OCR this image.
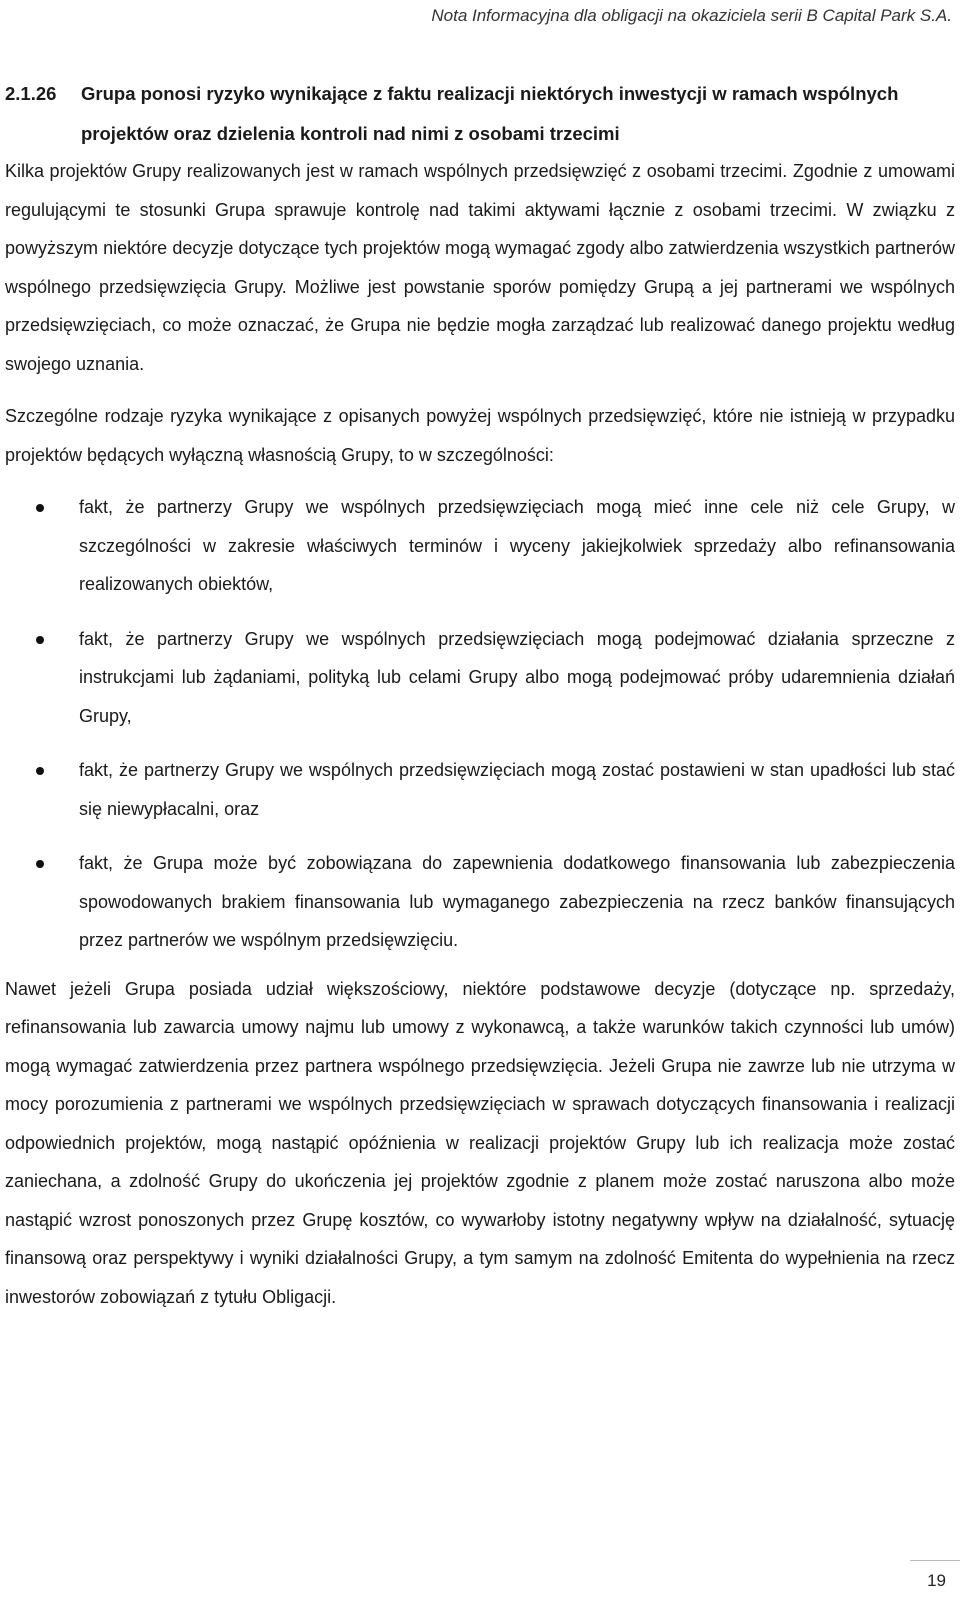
Nota Informacyjna dla obligacji na okaziciela serii B Capital Park S.A.
2.1.26	Grupa ponosi ryzyko wynikające z faktu realizacji niektórych inwestycji w ramach wspólnych projektów oraz dzielenia kontroli nad nimi z osobami trzecimi

Kilka projektów Grupy realizowanych jest w ramach wspólnych przedsięwzięć z osobami trzecimi. Zgodnie z umowami regulującymi te stosunki Grupa sprawuje kontrolę nad takimi aktywami łącznie z osobami trzecimi. W związku z powyższym niektóre decyzje dotyczące tych projektów mogą wymagać zgody albo zatwierdzenia wszystkich partnerów wspólnego przedsięwzięcia Grupy. Możliwe jest powstanie sporów pomiędzy Grupą a jej partnerami we wspólnych przedsięwzięciach, co może oznaczać, że Grupa nie będzie mogła zarządzać lub realizować danego projektu według swojego uznania.

Szczególne rodzaje ryzyka wynikające z opisanych powyżej wspólnych przedsięwzięć, które nie istnieją w przypadku projektów będących wyłączną własnością Grupy, to w szczególności:

fakt, że partnerzy Grupy we wspólnych przedsięwzięciach mogą mieć inne cele niż cele Grupy, w szczególności w zakresie właściwych terminów i wyceny jakiejkolwiek sprzedaży albo refinansowania realizowanych obiektów,
fakt, że partnerzy Grupy we wspólnych przedsięwzięciach mogą podejmować działania sprzeczne z instrukcjami lub żądaniami, polityką lub celami Grupy albo mogą podejmować próby udaremnienia działań Grupy,
fakt, że partnerzy Grupy we wspólnych przedsięwzięciach mogą zostać postawieni w stan upadłości lub stać się niewypłacalni, oraz
fakt, że Grupa może być zobowiązana do zapewnienia dodatkowego finansowania lub zabezpieczenia spowodowanych brakiem finansowania lub wymaganego zabezpieczenia na rzecz banków finansujących przez partnerów we wspólnym przedsięwzięciu.

Nawet jeżeli Grupa posiada udział większościowy, niektóre podstawowe decyzje (dotyczące np. sprzedaży, refinansowania lub zawarcia umowy najmu lub umowy z wykonawcą, a także warunków takich czynności lub umów) mogą wymagać zatwierdzenia przez partnera wspólnego przedsięwzięcia. Jeżeli Grupa nie zawrze lub nie utrzyma w mocy porozumienia z partnerami we wspólnych przedsięwzięciach w sprawach dotyczących finansowania i realizacji odpowiednich projektów, mogą nastąpić opóźnienia w realizacji projektów Grupy lub ich realizacja może zostać zaniechana, a zdolność Grupy do ukończenia jej projektów zgodnie z planem może zostać naruszona albo może nastąpić wzrost ponoszonych przez Grupę kosztów, co wywarłoby istotny negatywny wpływ na działalność, sytuację finansową oraz perspektywy i wyniki działalności Grupy, a tym samym na zdolność Emitenta do wypełnienia na rzecz inwestorów zobowiązań z tytułu Obligacji.

19
